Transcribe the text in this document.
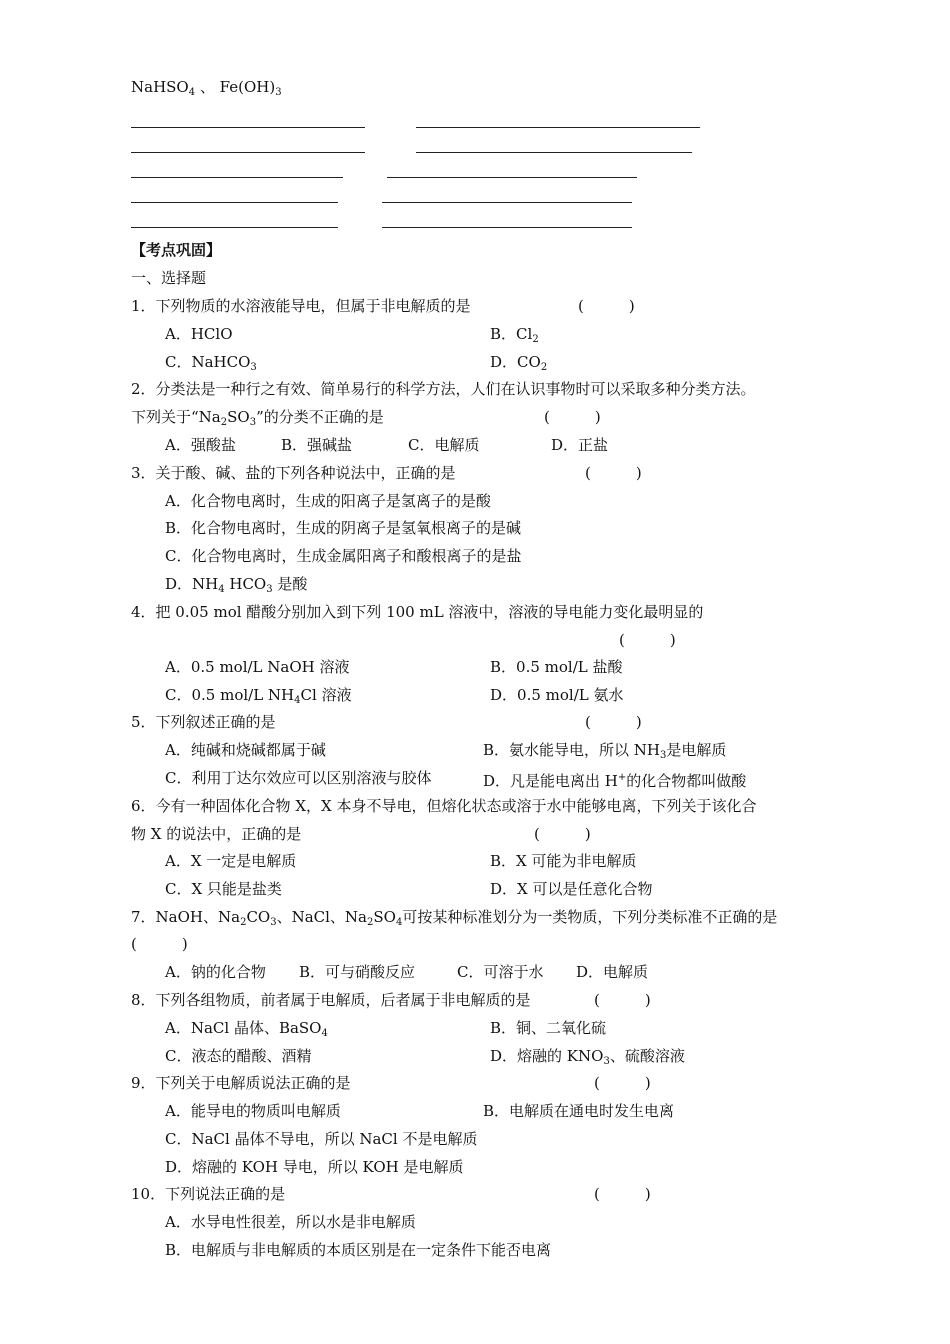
NaHSO$_4$ 、 $Fe(OH)_3$
【考点巩固】
一、选择题
1．下列物质的水溶液能导电，但属于非电解质的是	(　　　)
A．HClO	B．$Cl_2$
C．NaHCO$_3$	D．$CO_2$
2．分类法是一种行之有效、简单易行的科学方法，人们在认识事物时可以采取多种分类方法。
下列关于“$Na_2SO_3$”的分类不正确的是	(　　　)
A．强酸盐	B．强碱盐	C．电解质	D．正盐
3．关于酸、碱、盐的下列各种说法中，正确的是	(　　　)
A．化合物电离时，生成的阳离子是氢离子的是酸
B．化合物电离时，生成的阴离子是氢氧根离子的是碱
C．化合物电离时，生成金属阳离子和酸根离子的是盐
D．$NH_4$ $HCO_3$ 是酸
4．把 0.05 mol 醋酸分别加入到下列 100 mL 溶液中，溶液的导电能力变化最明显的
(　　　)
A．0.5 mol/L NaOH 溶液	B．0.5 mol/L 盐酸
C．0.5 mol/L $NH_4Cl$ 溶液	D．0.5 mol/L 氨水
5．下列叙述正确的是	(　　　)
A．纯碱和烧碱都属于碱	B．氨水能导电，所以 $NH_3$是电解质
C．利用丁达尔效应可以区别溶液与胶体	D．凡是能电离出 H+的化合物都叫做酸
6．今有一种固体化合物 X，X 本身不导电，但熔化状态或溶于水中能够电离，下列关于该化合
物 X 的说法中，正确的是	(　　　)
A．X 一定是电解质	B．X 可能为非电解质
C．X 只能是盐类	D．X 可以是任意化合物
7．NaOH、$Na_2CO_3$、NaCl、$Na_2SO_4$可按某种标准划分为一类物质，下列分类标准不正确的是
(　　　)
A．钠的化合物 B．可与硝酸反应	C．可溶于水 D．电解质
8．下列各组物质，前者属于电解质，后者属于非电解质的是	(　　　)
A．NaCl 晶体、BaSO$_4$	B．铜、二氧化硫
C．液态的醋酸、酒精	D．熔融的 $KNO_3$、硫酸溶液
9．下列关于电解质说法正确的是	(　　　)
A．能导电的物质叫电解质	B．电解质在通电时发生电离
C．NaCl 晶体不导电，所以 NaCl 不是电解质
D．熔融的 KOH 导电，所以 KOH 是电解质
10．下列说法正确的是	(　　　)
A．水导电性很差，所以水是非电解质
B．电解质与非电解质的本质区别是在一定条件下能否电离
